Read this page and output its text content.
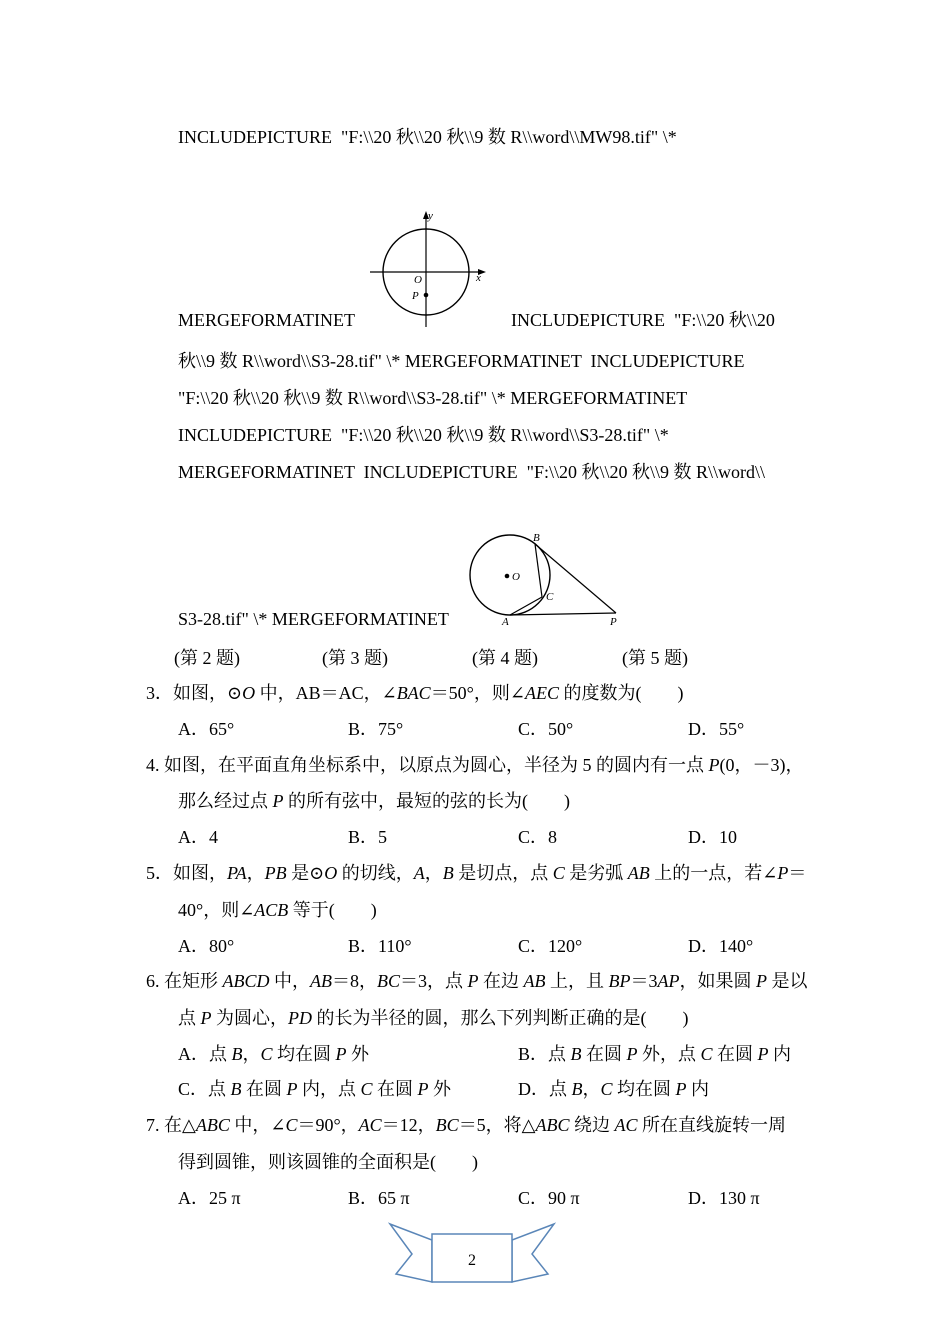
INCLUDEPICTURE  "F:\\20 秋\\20 秋\\9 数 R\\word\\MW98.tif" \*
MERGEFORMATINET	INCLUDEPICTURE  "F:\\20 秋\\20
秋\\9 数 R\\word\\S3-28.tif" \* MERGEFORMATINET  INCLUDEPICTURE
"F:\\20 秋\\20 秋\\9 数 R\\word\\S3-28.tif" \* MERGEFORMATINET
INCLUDEPICTURE  "F:\\20 秋\\20 秋\\9 数 R\\word\\S3-28.tif" \*
MERGEFORMATINET  INCLUDEPICTURE  "F:\\20 秋\\20 秋\\9 数 R\\word\\
S3-28.tif" \* MERGEFORMATINET
y
x
O
P
B
O
C
A	P
(第 2 题)	(第 3 题)	(第 4 题)	(第 5 题)
3．如图，⊙O 中，AB＝AC，∠BAC＝50°，则∠AEC 的度数为(　　)
A．65°	B．75°	C．50°	D．55°
4. 如图，在平面直角坐标系中，以原点为圆心，半径为 5 的圆内有一点 P(0，－3)，
那么经过点 P 的所有弦中，最短的弦的长为(　　)
A．4	B．5	C．8	D．10
5．如图，PA，PB 是⊙O 的切线，A，B 是切点，点 C 是劣弧 AB 上的一点，若∠P＝
40°，则∠ACB 等于(　　)
A．80°	B．110°	C．120°	D．140°
6. 在矩形 ABCD 中，AB＝8，BC＝3，点 P 在边 AB 上，且 BP＝3AP，如果圆 P 是以
点 P 为圆心，PD 的长为半径的圆，那么下列判断正确的是(　　)
A．点 B，C 均在圆 P 外	B．点 B 在圆 P 外，点 C 在圆 P 内
C．点 B 在圆 P 内，点 C 在圆 P 外	D．点 B，C 均在圆 P 内
7. 在△ABC 中，∠C＝90°，AC＝12，BC＝5，将△ABC 绕边 AC 所在直线旋转一周
得到圆锥，则该圆锥的全面积是(　　)
A．25 π	B．65 π	C．90 π	D．130 π
2
